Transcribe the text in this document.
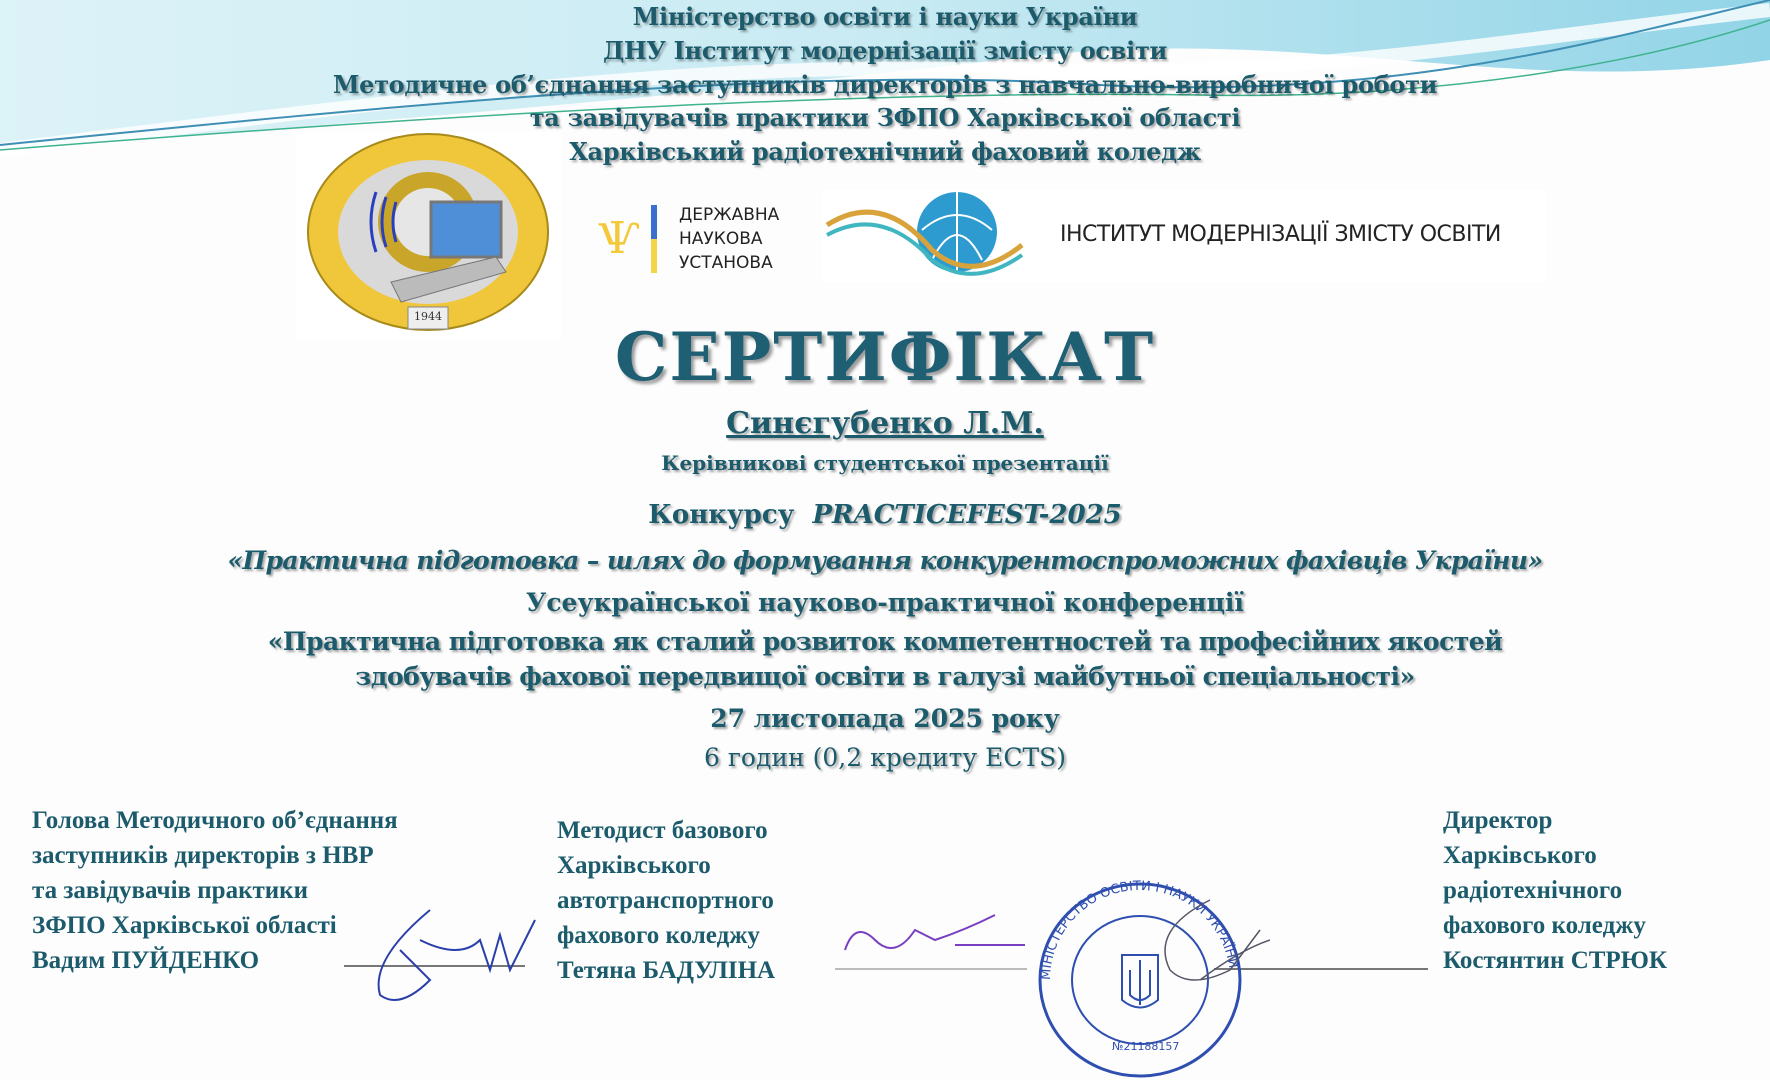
Міністерство освіти і науки України
ДНУ Інститут модернізації змісту освіти
Методичне об’єднання заступників директорів з навчально-виробничої роботи
та завідувачів практики ЗФПО Харківської області
Харківський радіотехнічний фаховий коледж
1944
Ѱ ДЕРЖАВНА
НАУКОВА
УСТАНОВА
ІНСТИТУТ МОДЕРНІЗАЦІЇ ЗМІСТУ ОСВІТИ
СЕРТИФІКАТ
Синєгубенко Л.М.
Керівникові студентської презентації
Конкурсу PRACTICEFEST-2025
«Практична підготовка – шлях до формування конкурентоспроможних фахівців України»
Усеукраїнської науково-практичної конференції
«Практична підготовка як сталий розвиток компетентностей та професійних якостей
здобувачів фахової передвищої освіти в галузі майбутньої спеціальності»
27 листопада 2025 року
6 годин (0,2 кредиту ECTS)
Голова Методичного об’єднання
заступників директорів з НВР
та завідувачів практики
ЗФПО Харківської області
Вадим ПУЙДЕНКО
Методист базового
Харківського
автотранспортного
фахового коледжу
Тетяна БАДУЛІНА
Директор
Харківського
радіотехнічного
фахового коледжу
Костянтин СТРЮК
МІНІСТЕРСТВО ОСВІТИ І НАУКИ УКРАЇНИ
№21188157
